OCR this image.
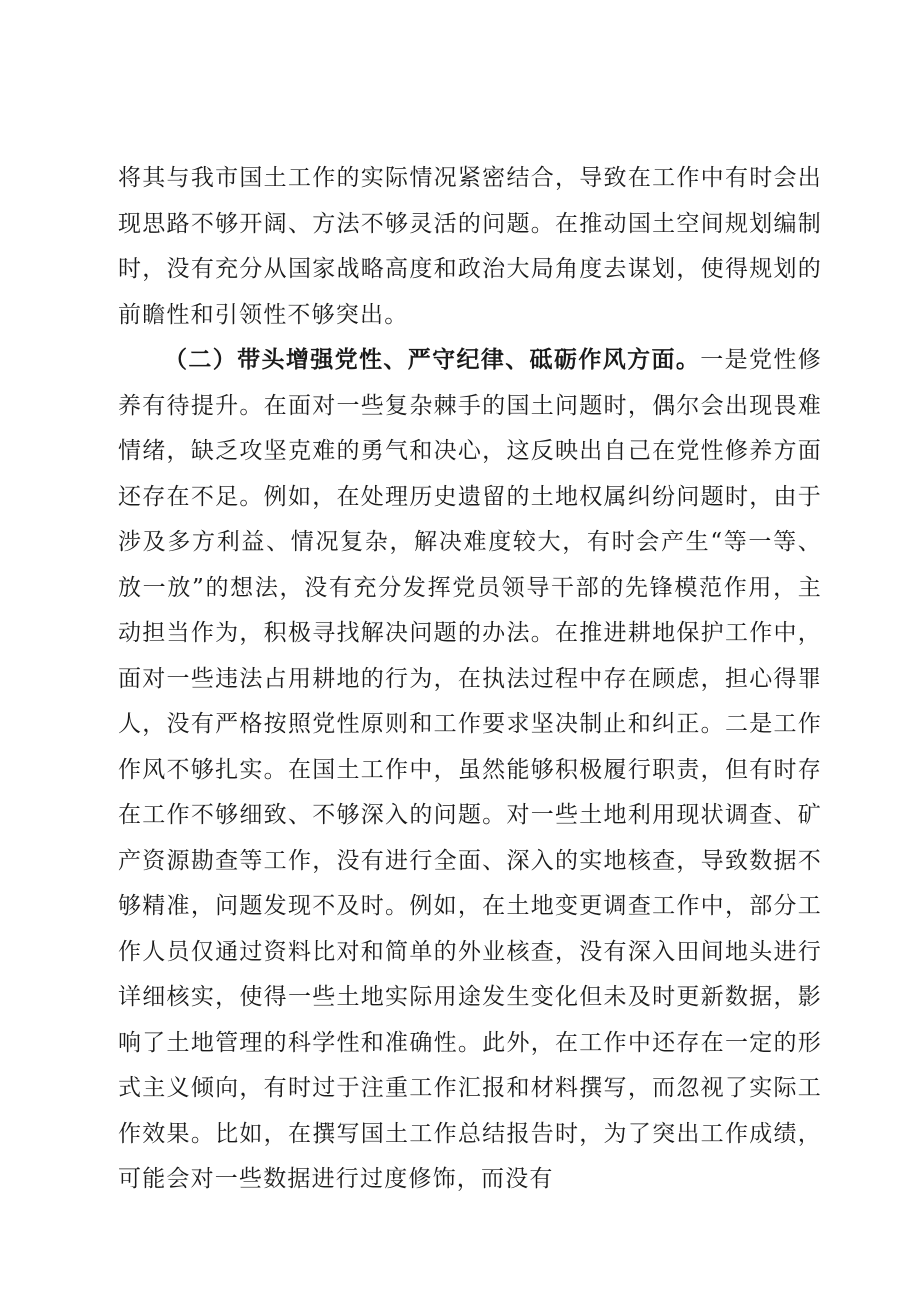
将其与我市国土工作的实际情况紧密结合，导致在工作中有时会出现思路不够开阔、方法不够灵活的问题。在推动国土空间规划编制时，没有充分从国家战略高度和政治大局角度去谋划，使得规划的前瞻性和引领性不够突出。

（二）带头增强党性、严守纪律、砥砺作风方面。一是党性修养有待提升。在面对一些复杂棘手的国土问题时，偶尔会出现畏难情绪，缺乏攻坚克难的勇气和决心，这反映出自己在党性修养方面还存在不足。例如，在处理历史遗留的土地权属纠纷问题时，由于涉及多方利益、情况复杂，解决难度较大，有时会产生“等一等、放一放”的想法，没有充分发挥党员领导干部的先锋模范作用，主动担当作为，积极寻找解决问题的办法。在推进耕地保护工作中，面对一些违法占用耕地的行为，在执法过程中存在顾虑，担心得罪人，没有严格按照党性原则和工作要求坚决制止和纠正。二是工作作风不够扎实。在国土工作中，虽然能够积极履行职责，但有时存在工作不够细致、不够深入的问题。对一些土地利用现状调查、矿产资源勘查等工作，没有进行全面、深入的实地核查，导致数据不够精准，问题发现不及时。例如，在土地变更调查工作中，部分工作人员仅通过资料比对和简单的外业核查，没有深入田间地头进行详细核实，使得一些土地实际用途发生变化但未及时更新数据，影响了土地管理的科学性和准确性。此外，在工作中还存在一定的形式主义倾向，有时过于注重工作汇报和材料撰写，而忽视了实际工作效果。比如，在撰写国土工作总结报告时，为了突出工作成绩，可能会对一些数据进行过度修饰，而没有
